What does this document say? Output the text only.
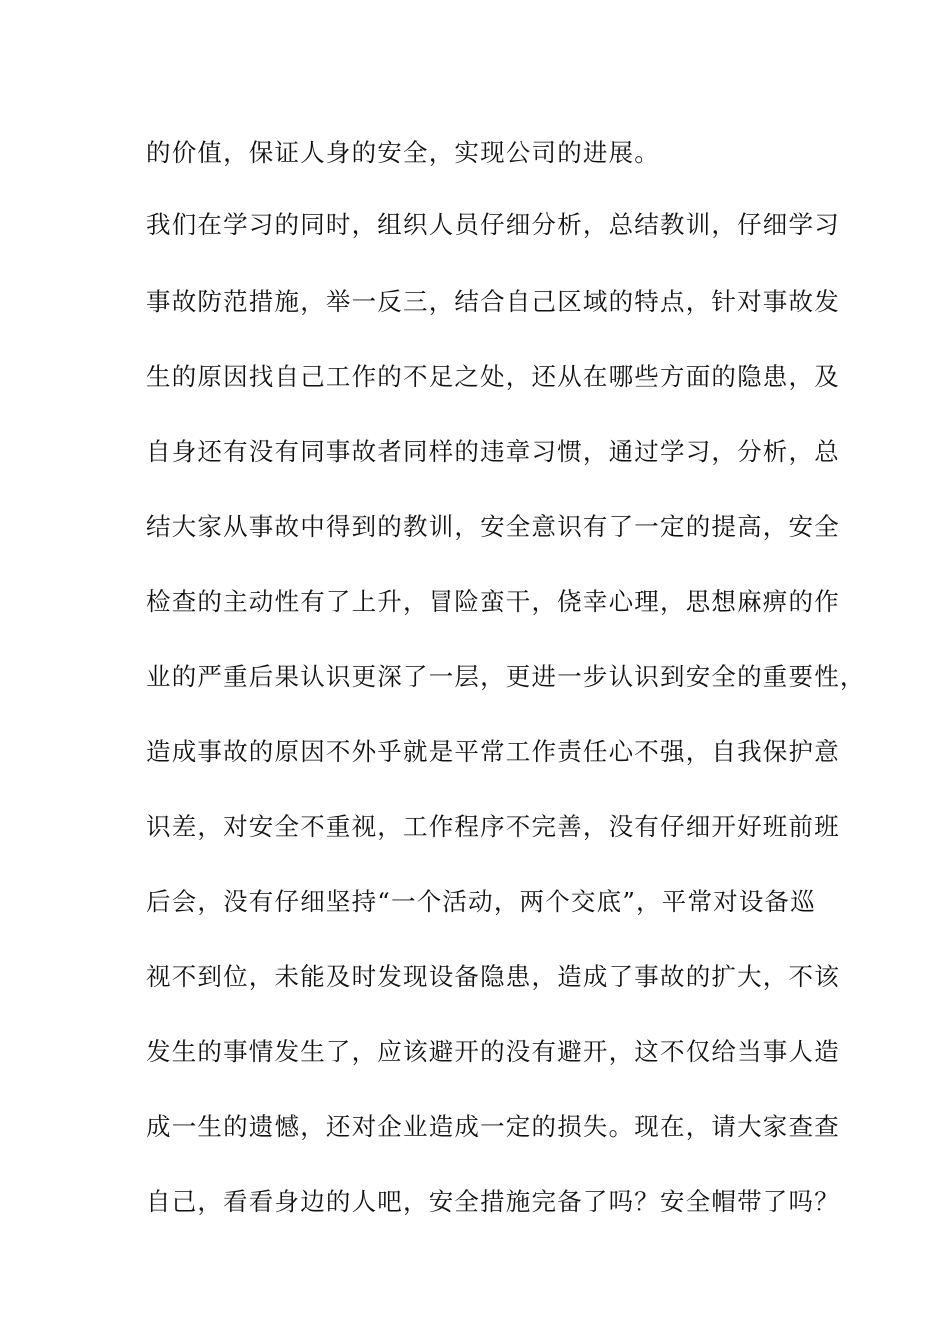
的价值，保证人身的安全，实现公司的进展。
我们在学习的同时，组织人员仔细分析，总结教训，仔细学习
事故防范措施，举一反三，结合自己区域的特点，针对事故发
生的原因找自己工作的不足之处，还从在哪些方面的隐患，及
自身还有没有同事故者同样的违章习惯，通过学习，分析，总
结大家从事故中得到的教训，安全意识有了一定的提高，安全
检查的主动性有了上升，冒险蛮干，侥幸心理，思想麻痹的作
业的严重后果认识更深了一层，更进一步认识到安全的重要性，
造成事故的原因不外乎就是平常工作责任心不强，自我保护意
识差，对安全不重视，工作程序不完善，没有仔细开好班前班
后会，没有仔细坚持“一个活动，两个交底”，平常对设备巡
视不到位，未能及时发现设备隐患，造成了事故的扩大，不该
发生的事情发生了，应该避开的没有避开，这不仅给当事人造
成一生的遗憾，还对企业造成一定的损失。现在，请大家查查
自己，看看身边的人吧，安全措施完备了吗？安全帽带了吗？
